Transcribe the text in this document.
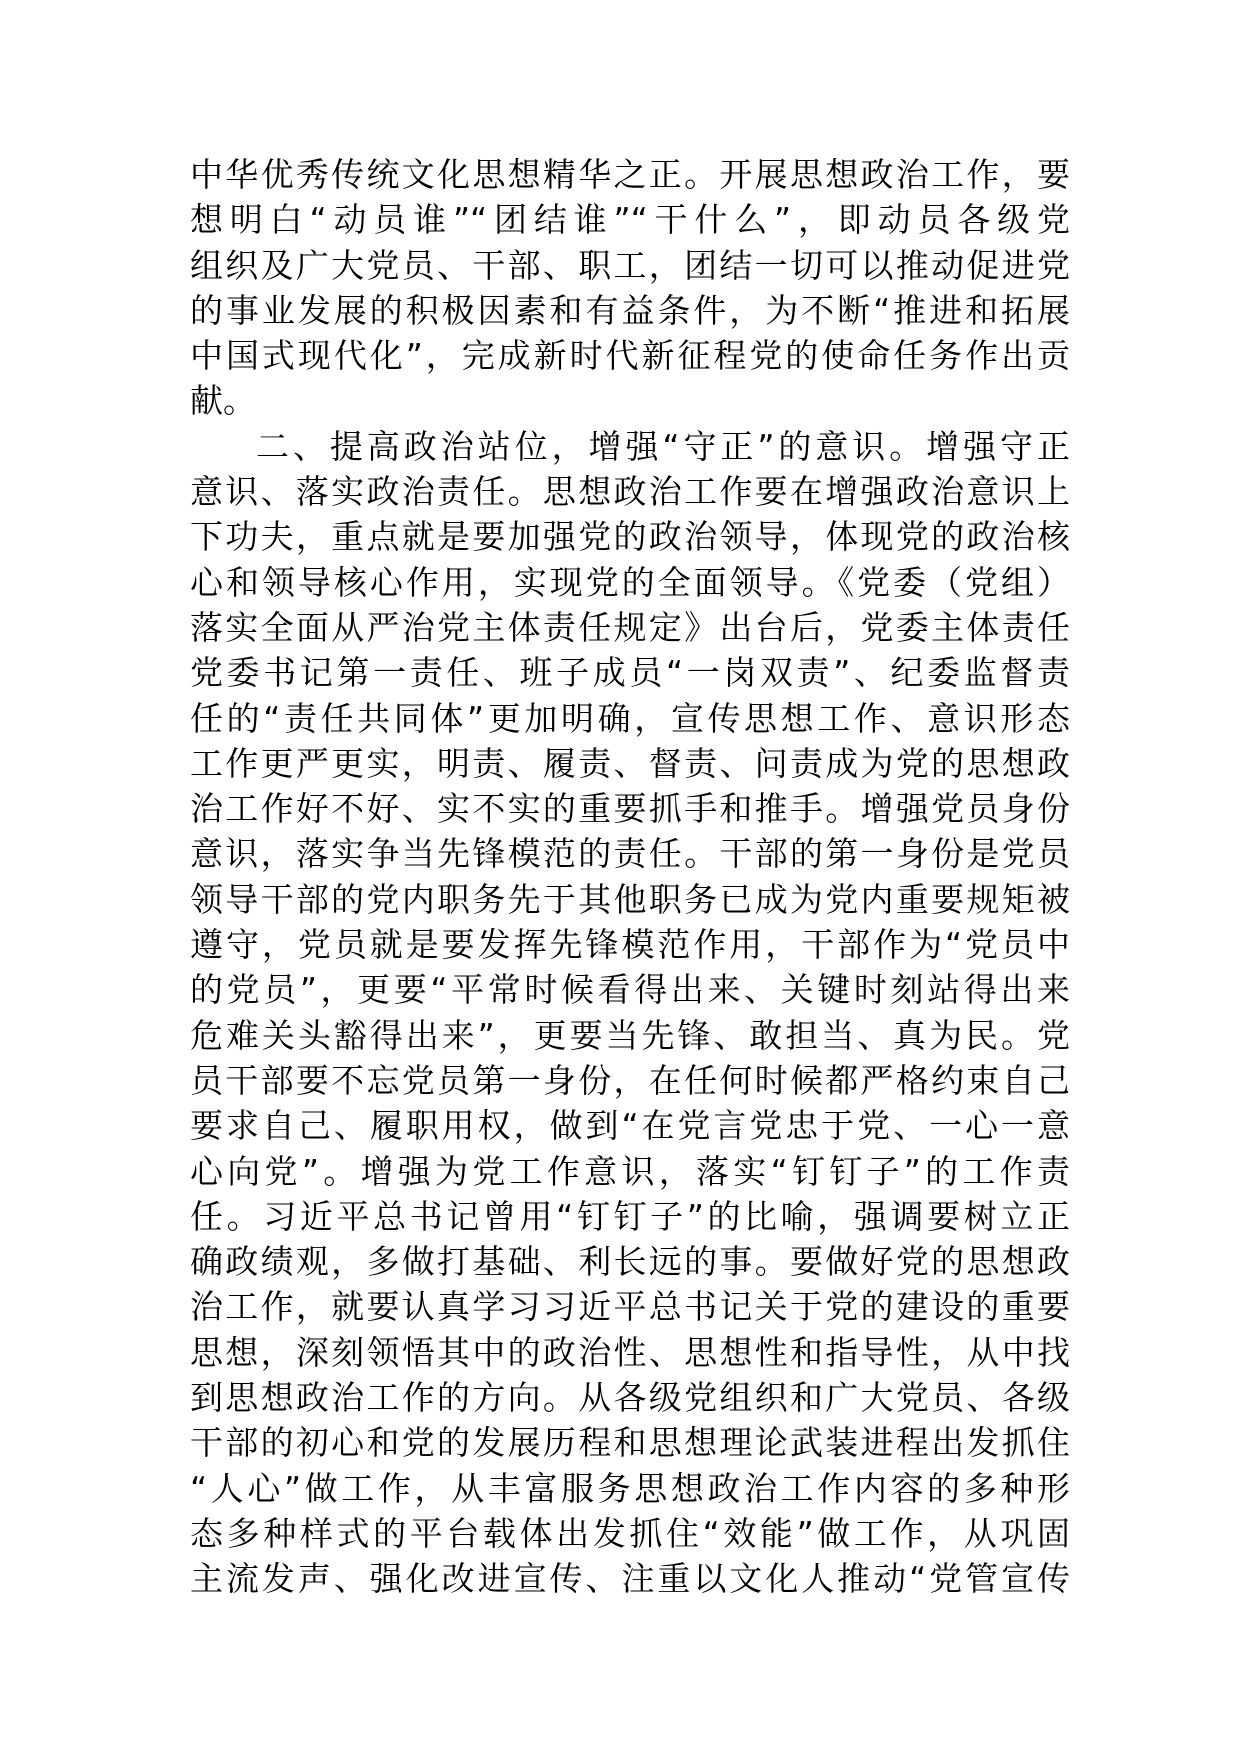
中华优秀传统文化思想精华之正。开展思想政治工作，要
想明白“动员谁”“团结谁”“干什么”，即动员各级党
组织及广大党员、干部、职工，团结一切可以推动促进党
的事业发展的积极因素和有益条件，为不断“推进和拓展
中国式现代化”，完成新时代新征程党的使命任务作出贡
献。
二、提高政治站位，增强“守正”的意识。增强守正
意识、落实政治责任。思想政治工作要在增强政治意识上
下功夫，重点就是要加强党的政治领导，体现党的政治核
心和领导核心作用，实现党的全面领导。《党委（党组）
落实全面从严治党主体责任规定》出台后，党委主体责任
党委书记第一责任、班子成员“一岗双责”、纪委监督责
任的“责任共同体”更加明确，宣传思想工作、意识形态
工作更严更实，明责、履责、督责、问责成为党的思想政
治工作好不好、实不实的重要抓手和推手。增强党员身份
意识，落实争当先锋模范的责任。干部的第一身份是党员
领导干部的党内职务先于其他职务已成为党内重要规矩被
遵守，党员就是要发挥先锋模范作用，干部作为“党员中
的党员”，更要“平常时候看得出来、关键时刻站得出来
危难关头豁得出来”，更要当先锋、敢担当、真为民。党
员干部要不忘党员第一身份，在任何时候都严格约束自己
要求自己、履职用权，做到“在党言党忠于党、一心一意
心向党”。增强为党工作意识，落实“钉钉子”的工作责
任。习近平总书记曾用“钉钉子”的比喻，强调要树立正
确政绩观，多做打基础、利长远的事。要做好党的思想政
治工作，就要认真学习习近平总书记关于党的建设的重要
思想，深刻领悟其中的政治性、思想性和指导性，从中找
到思想政治工作的方向。从各级党组织和广大党员、各级
干部的初心和党的发展历程和思想理论武装进程出发抓住
“人心”做工作，从丰富服务思想政治工作内容的多种形
态多种样式的平台载体出发抓住“效能”做工作，从巩固
主流发声、强化改进宣传、注重以文化人推动“党管宣传
